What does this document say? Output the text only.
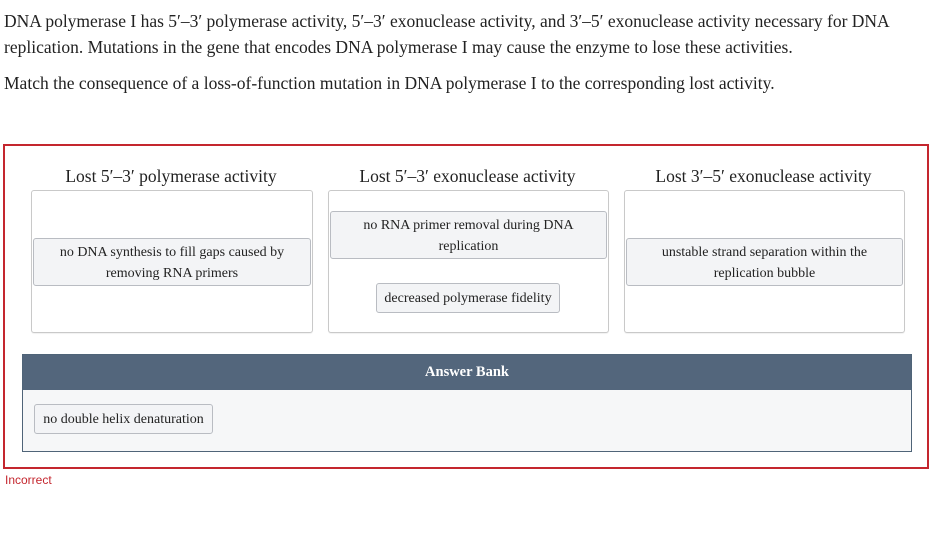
DNA polymerase I has 5′–3′ polymerase activity, 5′–3′ exonuclease activity, and 3′–5′ exonuclease activity necessary for DNA replication. Mutations in the gene that encodes DNA polymerase I may cause the enzyme to lose these activities.

Match the consequence of a loss-of-function mutation in DNA polymerase I to the corresponding lost activity.

Lost 5′–3′ polymerase activity
no DNA synthesis to fill gaps caused by removing RNA primers
Lost 5′–3′ exonuclease activity
no RNA primer removal during DNA replication
decreased polymerase fidelity
Lost 3′–5′ exonuclease activity
unstable strand separation within the replication bubble
Answer Bank
no double helix denaturation
Incorrect
